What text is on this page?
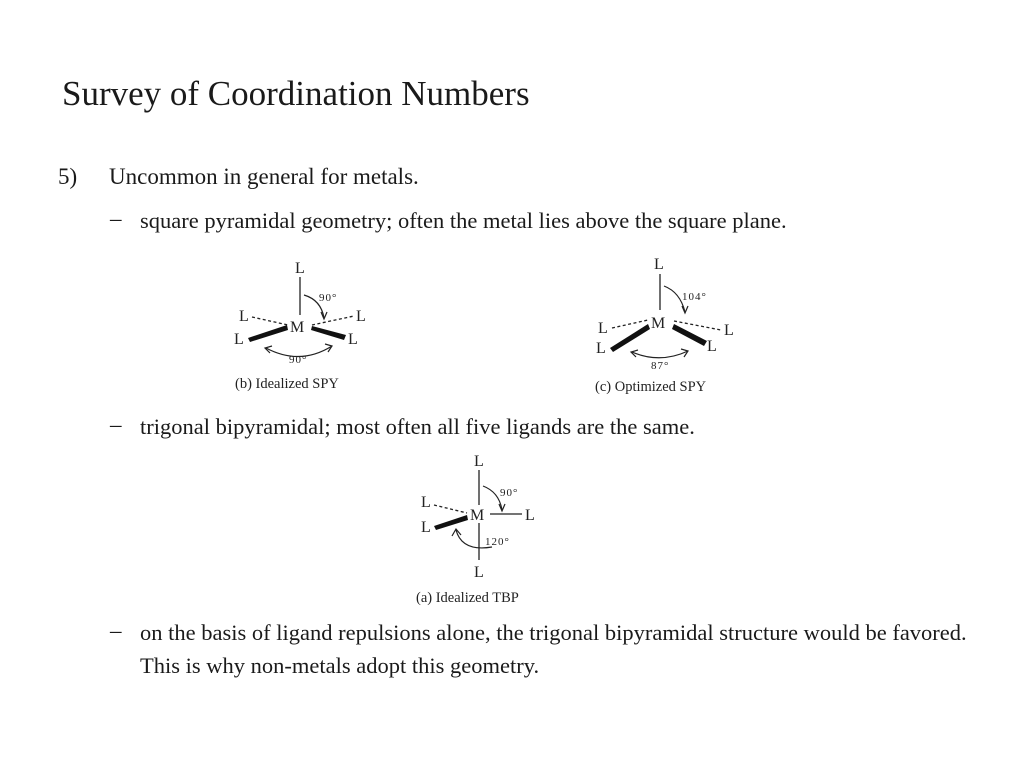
Survey of Coordination Numbers
5) Uncommon in general for metals.
– square pyramidal geometry; often the metal lies above the square plane.
L
90°
M
L	L
L	L
90°
(b) Idealized SPY
L
104°
M
L	L
L	L
87°
(c) Optimized SPY
– trigonal bipyramidal; most often all five ligands are the same.
L
90°
M
L
L
L
120°
L
(a) Idealized TBP
– on the basis of ligand repulsions alone, the trigonal bipyramidal structure would be favored. This is why non-metals adopt this geometry.
